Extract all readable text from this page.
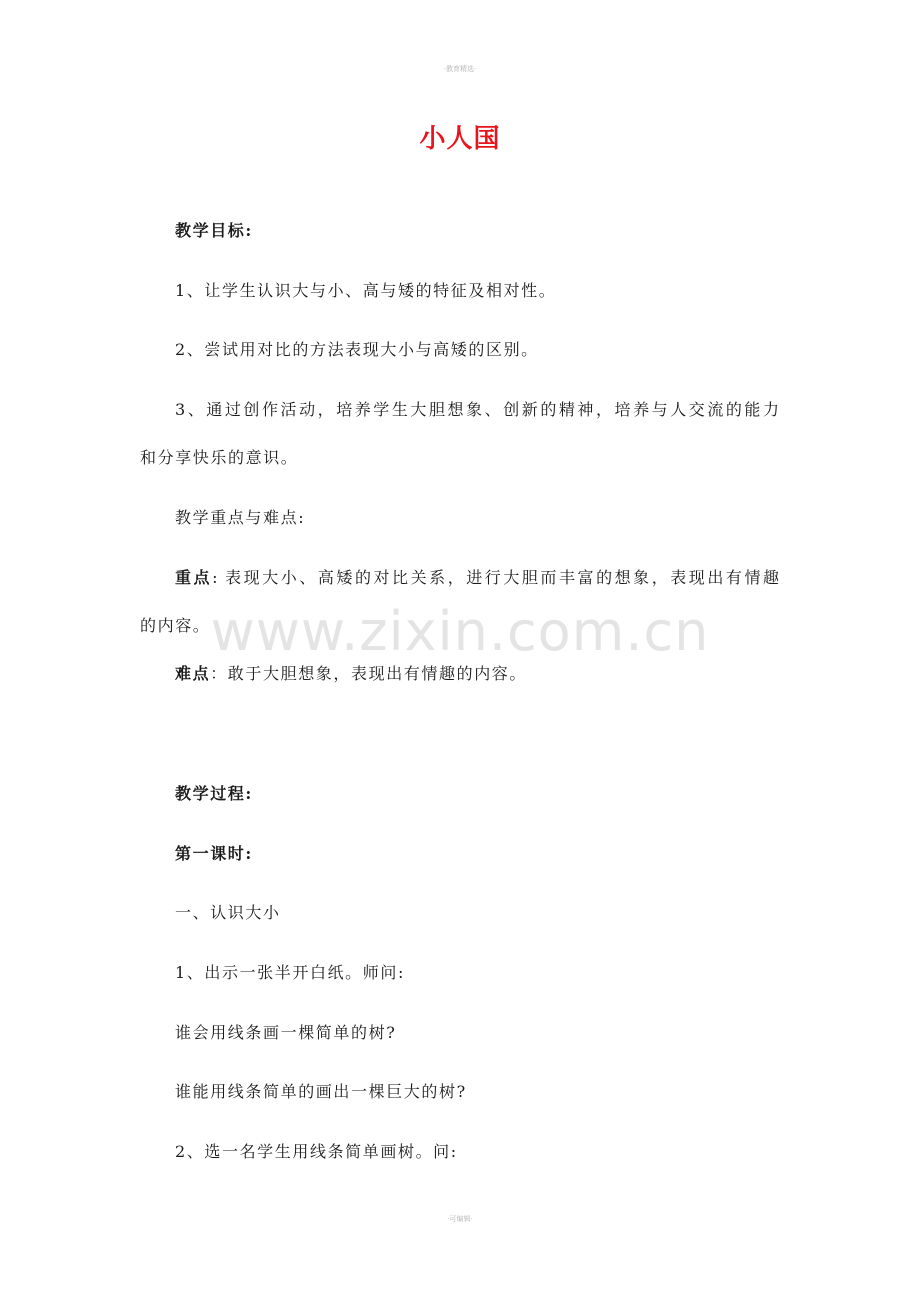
·教育精选·
www.zixin.com.cn
小人国
教学目标:
1、让学生认识大与小、高与矮的特征及相对性。
2、尝试用对比的方法表现大小与高矮的区别。
3、通过创作活动，培养学生大胆想象、创新的精神，培养与人交流的能力
和分享快乐的意识。
教学重点与难点:
重点: 表现大小、高矮的对比关系，进行大胆而丰富的想象，表现出有情趣
的内容。
难点：敢于大胆想象，表现出有情趣的内容。
教学过程:
第一课时:
一、认识大小
1、出示一张半开白纸。师问:
谁会用线条画一棵简单的树?
谁能用线条简单的画出一棵巨大的树?
2、选一名学生用线条简单画树。问:
·可编辑·
